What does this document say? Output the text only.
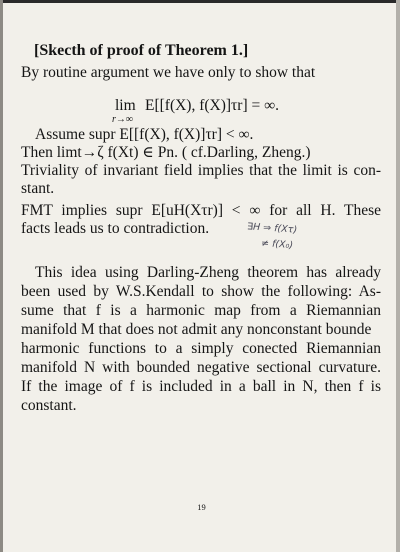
[Skecth of proof of Theorem 1.]
By routine argument we have only to show that
lim
r→∞
E[[f(X), f(X)]τr] = ∞.
Assume supr E[[f(X), f(X)]τr] < ∞.
Then limt→ζ f(Xt) ∈ Pn. ( cf.Darling, Zheng.)
Triviality of invariant field implies that the limit is con-
stant.
FMT implies supr E[uH(Xτr)] < ∞ for all H. These
facts leads us to contradiction.	∃H ⇒ f(Xτ)
≠ f(X₀)
This idea using Darling-Zheng theorem has already
been used by W.S.Kendall to show the following: As-
sume that f is a harmonic map from a Riemannian
manifold M that does not admit any nonconstant bounde
harmonic functions to a simply conected Riemannian
manifold N with bounded negative sectional curvature.
If the image of f is included in a ball in N, then f is
constant.
19
